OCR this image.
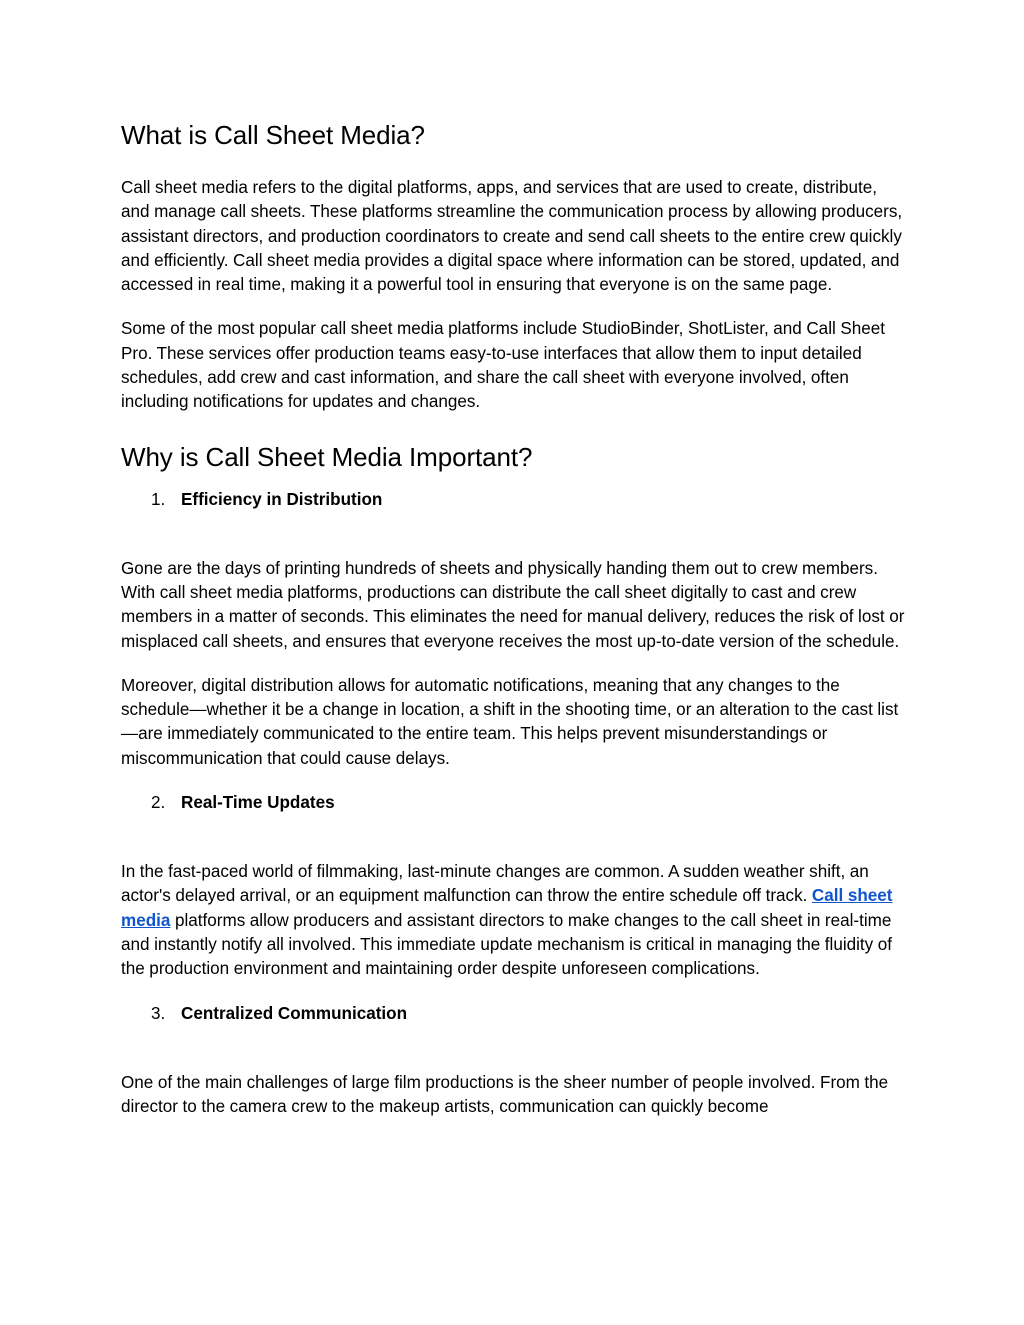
What is Call Sheet Media?

Call sheet media refers to the digital platforms, apps, and services that are used to create, distribute, and manage call sheets. These platforms streamline the communication process by allowing producers, assistant directors, and production coordinators to create and send call sheets to the entire crew quickly and efficiently. Call sheet media provides a digital space where information can be stored, updated, and accessed in real time, making it a powerful tool in ensuring that everyone is on the same page.

Some of the most popular call sheet media platforms include StudioBinder, ShotLister, and Call Sheet Pro. These services offer production teams easy-to-use interfaces that allow them to input detailed schedules, add crew and cast information, and share the call sheet with everyone involved, often including notifications for updates and changes.

Why is Call Sheet Media Important?
1. Efficiency in Distribution

Gone are the days of printing hundreds of sheets and physically handing them out to crew members. With call sheet media platforms, productions can distribute the call sheet digitally to cast and crew members in a matter of seconds. This eliminates the need for manual delivery, reduces the risk of lost or misplaced call sheets, and ensures that everyone receives the most up-to-date version of the schedule.

Moreover, digital distribution allows for automatic notifications, meaning that any changes to the schedule—whether it be a change in location, a shift in the shooting time, or an alteration to the cast list—are immediately communicated to the entire team. This helps prevent misunderstandings or miscommunication that could cause delays.

2. Real-Time Updates

In the fast-paced world of filmmaking, last-minute changes are common. A sudden weather shift, an actor's delayed arrival, or an equipment malfunction can throw the entire schedule off track. Call sheet media platforms allow producers and assistant directors to make changes to the call sheet in real-time and instantly notify all involved. This immediate update mechanism is critical in managing the fluidity of the production environment and maintaining order despite unforeseen complications.

3. Centralized Communication

One of the main challenges of large film productions is the sheer number of people involved. From the director to the camera crew to the makeup artists, communication can quickly become
